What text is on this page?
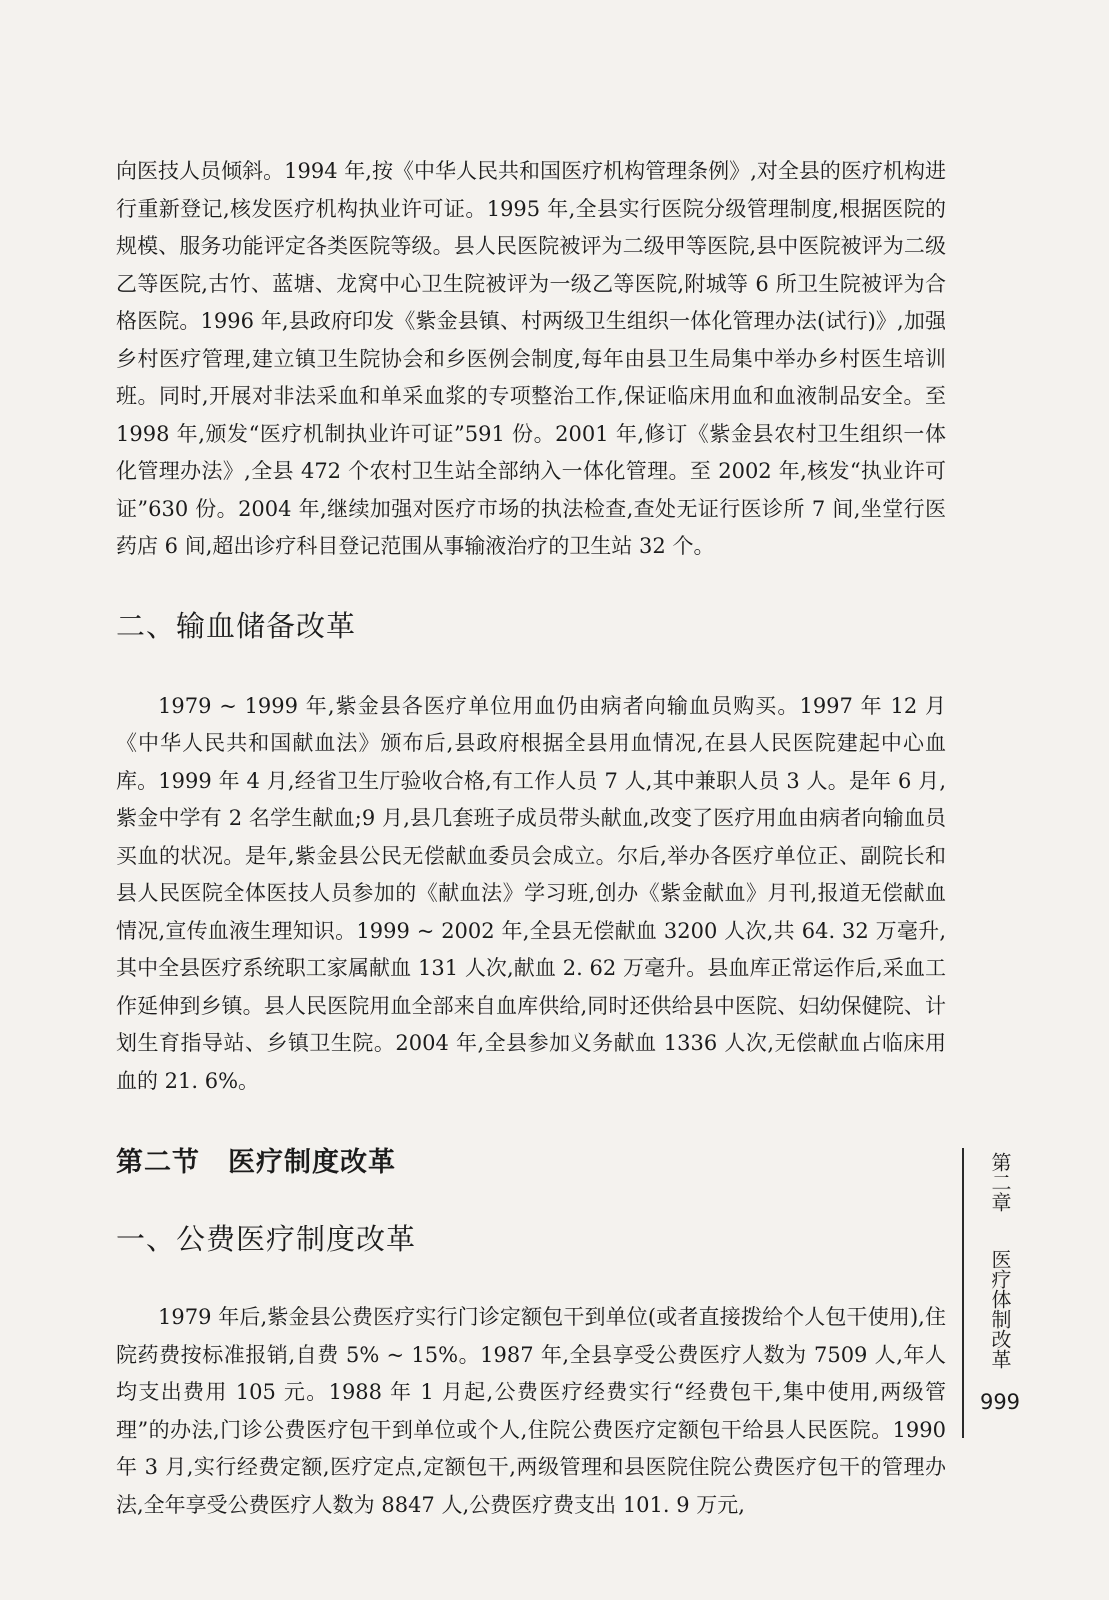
向医技人员倾斜。1994 年,按《中华人民共和国医疗机构管理条例》,对全县的医疗机构进行重新登记,核发医疗机构执业许可证。1995 年,全县实行医院分级管理制度,根据医院的规模、服务功能评定各类医院等级。县人民医院被评为二级甲等医院,县中医院被评为二级乙等医院,古竹、蓝塘、龙窝中心卫生院被评为一级乙等医院,附城等 6 所卫生院被评为合格医院。1996 年,县政府印发《紫金县镇、村两级卫生组织一体化管理办法(试行)》,加强乡村医疗管理,建立镇卫生院协会和乡医例会制度,每年由县卫生局集中举办乡村医生培训班。同时,开展对非法采血和单采血浆的专项整治工作,保证临床用血和血液制品安全。至 1998 年,颁发“医疗机制执业许可证”591 份。2001 年,修订《紫金县农村卫生组织一体化管理办法》,全县 472 个农村卫生站全部纳入一体化管理。至 2002 年,核发“执业许可证”630 份。2004 年,继续加强对医疗市场的执法检查,查处无证行医诊所 7 间,坐堂行医药店 6 间,超出诊疗科目登记范围从事输液治疗的卫生站 32 个。

二、输血储备改革

1979 ~ 1999 年,紫金县各医疗单位用血仍由病者向输血员购买。1997 年 12 月《中华人民共和国献血法》颁布后,县政府根据全县用血情况,在县人民医院建起中心血库。1999 年 4 月,经省卫生厅验收合格,有工作人员 7 人,其中兼职人员 3 人。是年 6 月,紫金中学有 2 名学生献血;9 月,县几套班子成员带头献血,改变了医疗用血由病者向输血员买血的状况。是年,紫金县公民无偿献血委员会成立。尔后,举办各医疗单位正、副院长和县人民医院全体医技人员参加的《献血法》学习班,创办《紫金献血》月刊,报道无偿献血情况,宣传血液生理知识。1999 ~ 2002 年,全县无偿献血 3200 人次,共 64. 32 万毫升,其中全县医疗系统职工家属献血 131 人次,献血 2. 62 万毫升。县血库正常运作后,采血工作延伸到乡镇。县人民医院用血全部来自血库供给,同时还供给县中医院、妇幼保健院、计划生育指导站、乡镇卫生院。2004 年,全县参加义务献血 1336 人次,无偿献血占临床用血的 21. 6%。

第二节　医疗制度改革
一、公费医疗制度改革

1979 年后,紫金县公费医疗实行门诊定额包干到单位(或者直接拨给个人包干使用),住院药费按标准报销,自费 5% ~ 15%。1987 年,全县享受公费医疗人数为 7509 人,年人均支出费用 105 元。1988 年 1 月起,公费医疗经费实行“经费包干,集中使用,两级管理”的办法,门诊公费医疗包干到单位或个人,住院公费医疗定额包干给县人民医院。1990 年 3 月,实行经费定额,医疗定点,定额包干,两级管理和县医院住院公费医疗包干的管理办法,全年享受公费医疗人数为 8847 人,公费医疗费支出 101. 9 万元,

第二章
医疗体制改革
999
